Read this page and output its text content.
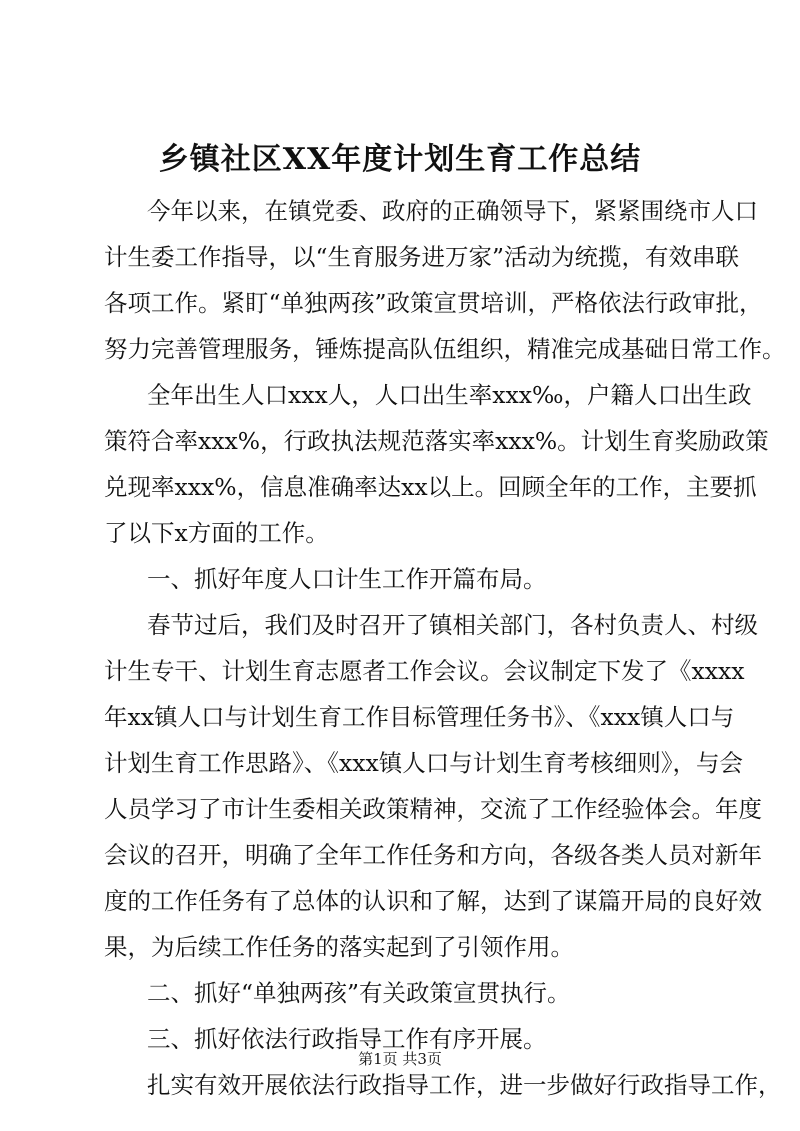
乡镇社区XX年度计划生育工作总结
今年以来，在镇党委、政府的正确领导下，紧紧围绕市人口
计生委工作指导，以“生育服务进万家”活动为统揽，有效串联
各项工作。紧盯“单独两孩”政策宣贯培训，严格依法行政审批，
努力完善管理服务，锤炼提高队伍组织，精准完成基础日常工作。
全年出生人口xxx人，人口出生率xxx‰，户籍人口出生政
策符合率xxx%，行政执法规范落实率xxx%。计划生育奖励政策
兑现率xxx%，信息准确率达xx以上。回顾全年的工作，主要抓
了以下x方面的工作。
一、抓好年度人口计生工作开篇布局。
春节过后，我们及时召开了镇相关部门，各村负责人、村级
计生专干、计划生育志愿者工作会议。会议制定下发了《xxxx
年xx镇人口与计划生育工作目标管理任务书》、《xxx镇人口与
计划生育工作思路》、《xxx镇人口与计划生育考核细则》，与会
人员学习了市计生委相关政策精神，交流了工作经验体会。年度
会议的召开，明确了全年工作任务和方向，各级各类人员对新年
度的工作任务有了总体的认识和了解，达到了谋篇开局的良好效
果，为后续工作任务的落实起到了引领作用。
二、抓好“单独两孩”有关政策宣贯执行。
三、抓好依法行政指导工作有序开展。
扎实有效开展依法行政指导工作，进一步做好行政指导工作，
第1页 共3页
